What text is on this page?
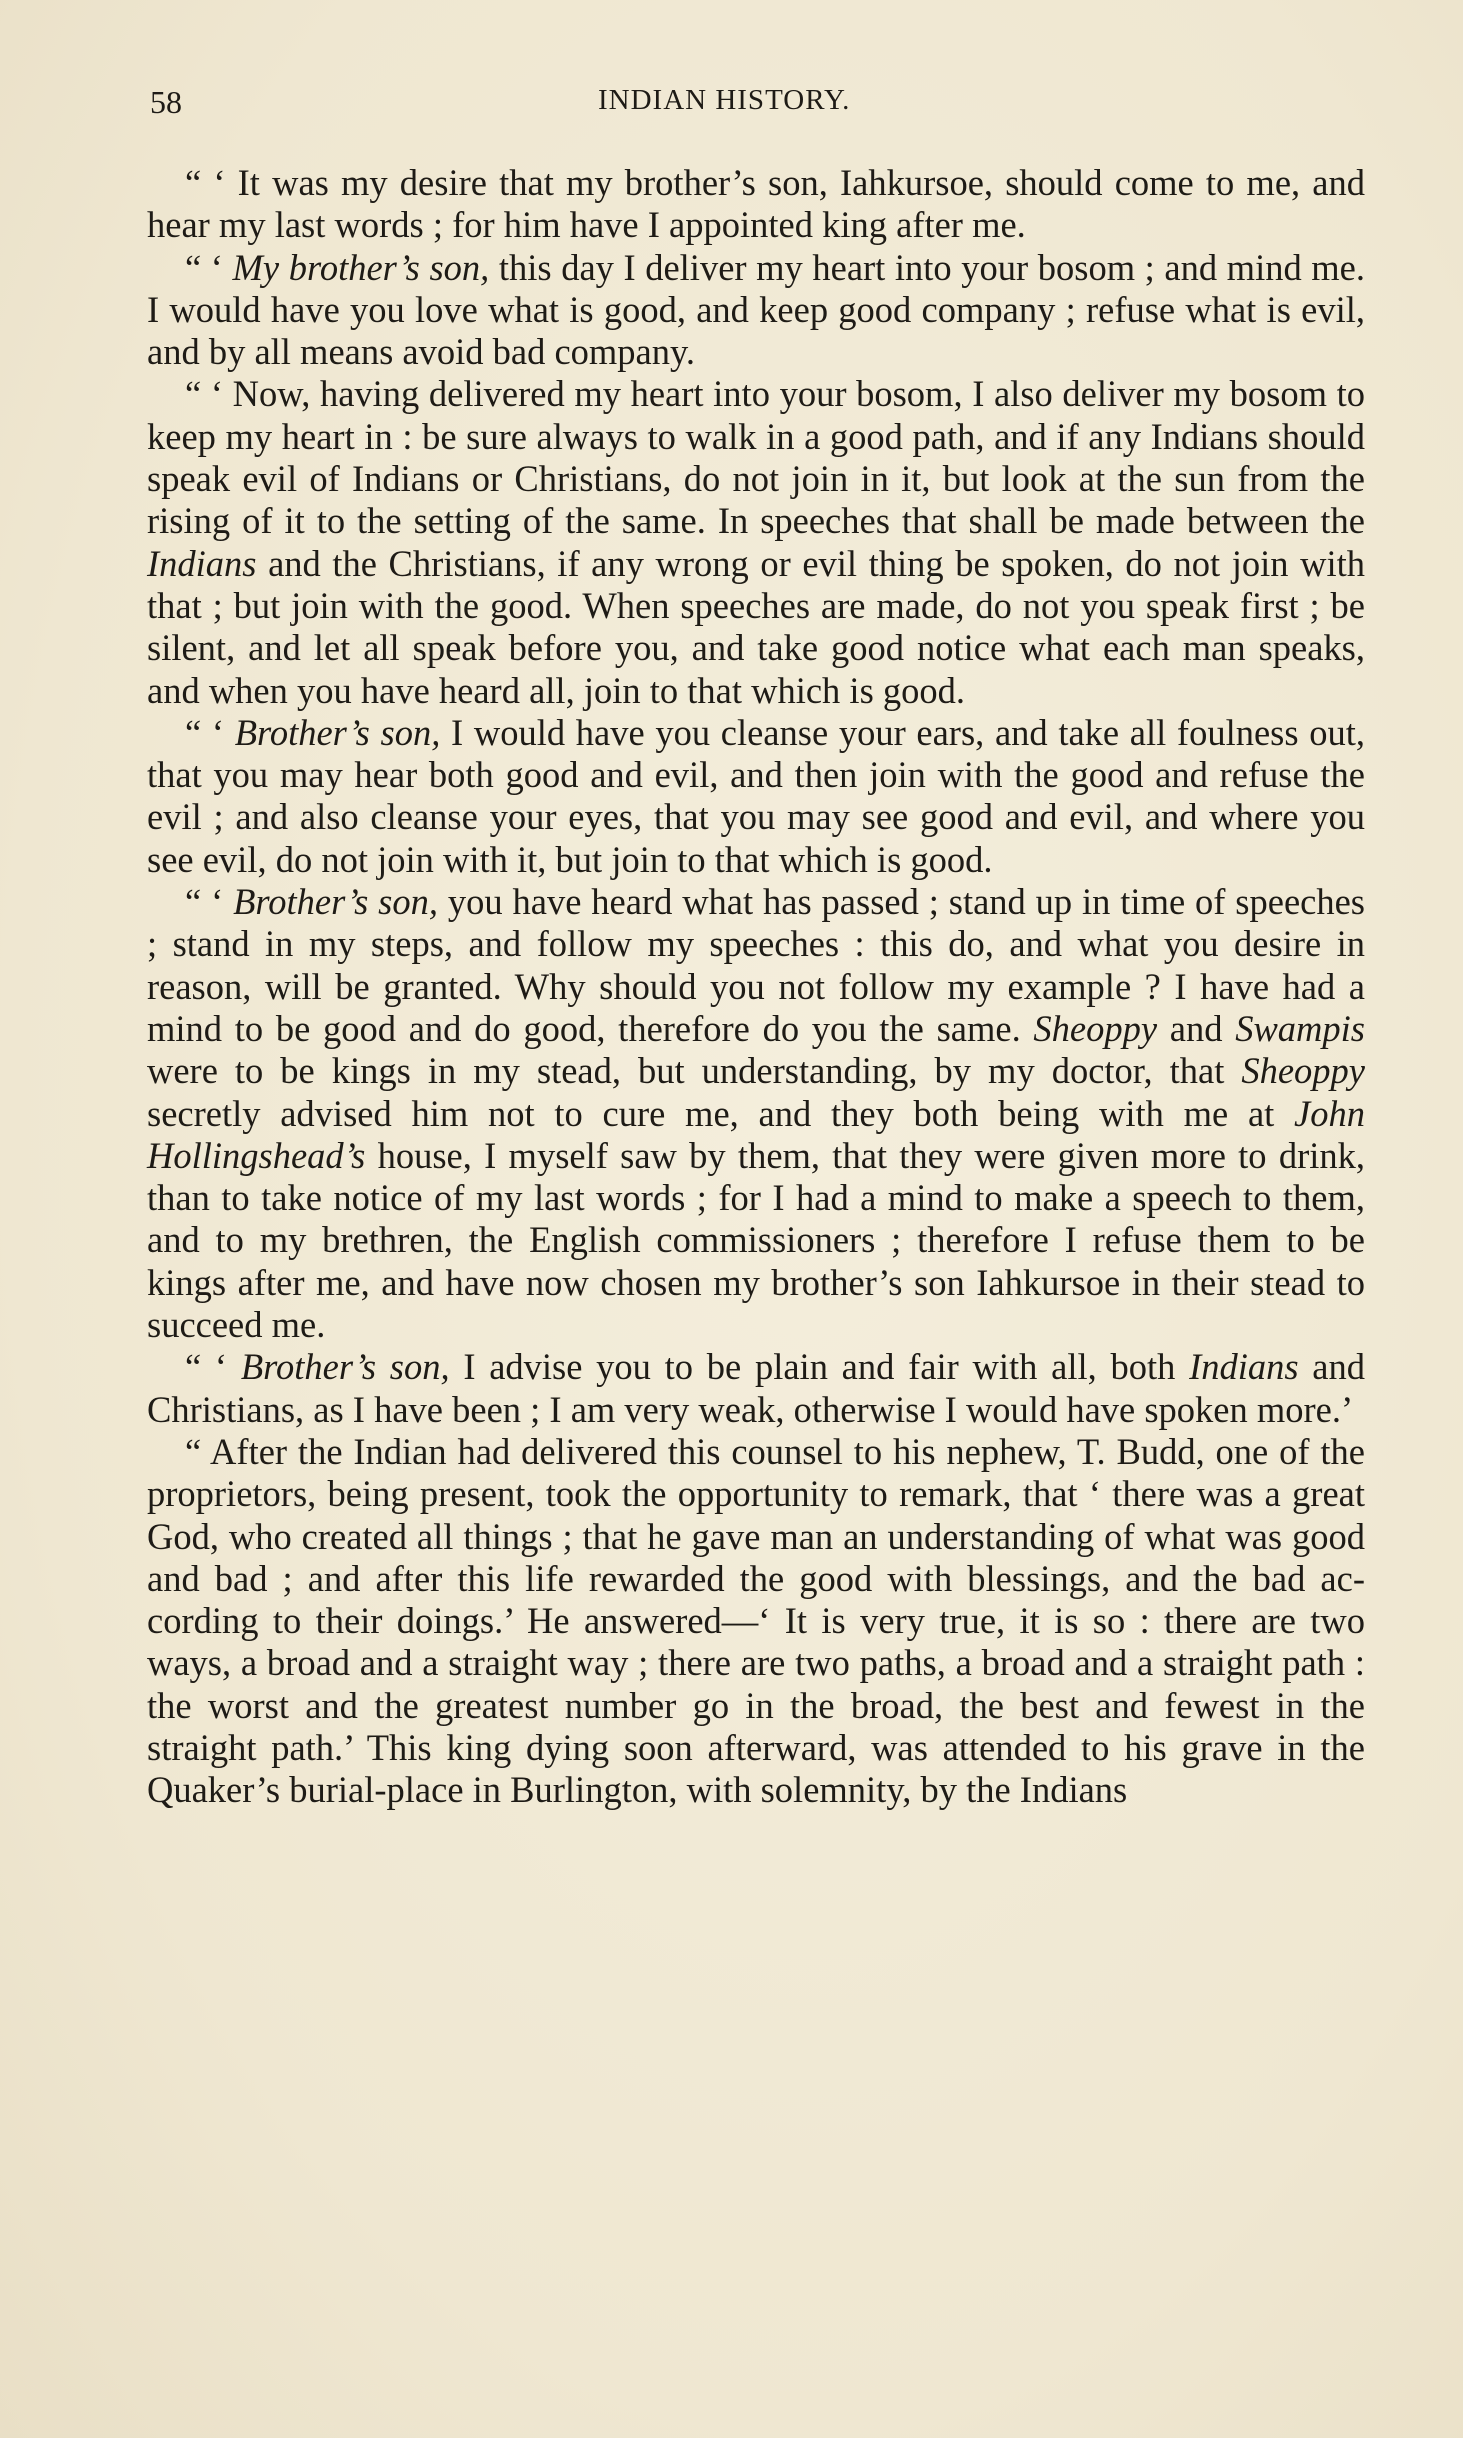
58	INDIAN HISTORY.

“ ‘ It was my desire that my brother’s son, Iahkursoe, should come to me, and hear my last words ; for him have I appointed king after me.

“ ‘ My brother’s son, this day I deliver my heart into your bosom ; and mind me. I would have you love what is good, and keep good company ; refuse what is evil, and by all means avoid bad company.

“ ‘ Now, having delivered my heart into your bosom, I also deliver my bosom to keep my heart in : be sure always to walk in a good path, and if any Indians should speak evil of Indians or Christians, do not join in it, but look at the sun from the rising of it to the setting of the same. In speeches that shall be made between the Indians and the Christians, if any wrong or evil thing be spoken, do not join with that ; but join with the good. When speeches are made, do not you speak first ; be silent, and let all speak before you, and take good notice what each man speaks, and when you have heard all, join to that which is good.

“ ‘ Brother’s son, I would have you cleanse your ears, and take all foulness out, that you may hear both good and evil, and then join with the good and refuse the evil ; and also cleanse your eyes, that you may see good and evil, and where you see evil, do not join with it, but join to that which is good.

“ ‘ Brother’s son, you have heard what has passed ; stand up in time of speeches ; stand in my steps, and follow my speeches : this do, and what you desire in reason, will be granted. Why should you not follow my example ? I have had a mind to be good and do good, therefore do you the same. Sheoppy and Swampis were to be kings in my stead, but understanding, by my doctor, that Sheoppy secretly advised him not to cure me, and they both being with me at John Hollingshead’s house, I myself saw by them, that they were given more to drink, than to take notice of my last words ; for I had a mind to make a speech to them, and to my brethren, the English commissioners ; therefore I refuse them to be kings after me, and have now chosen my brother’s son Iahkursoe in their stead to succeed me.

“ ‘ Brother’s son, I advise you to be plain and fair with all, both Indians and Christians, as I have been ; I am very weak, otherwise I would have spoken more.’

“ After the Indian had delivered this counsel to his nephew, T. Budd, one of the proprietors, being present, took the opportunity to remark, that ‘ there was a great God, who created all things ; that he gave man an understanding of what was good and bad ; and after this life rewarded the good with blessings, and the bad according to their doings.’ He answered—‘ It is very true, it is so : there are two ways, a broad and a straight way ; there are two paths, a broad and a straight path : the worst and the greatest number go in the broad, the best and fewest in the straight path.’ This king dying soon afterward, was attended to his grave in the Quaker’s burial-place in Burlington, with solemnity, by the Indians
